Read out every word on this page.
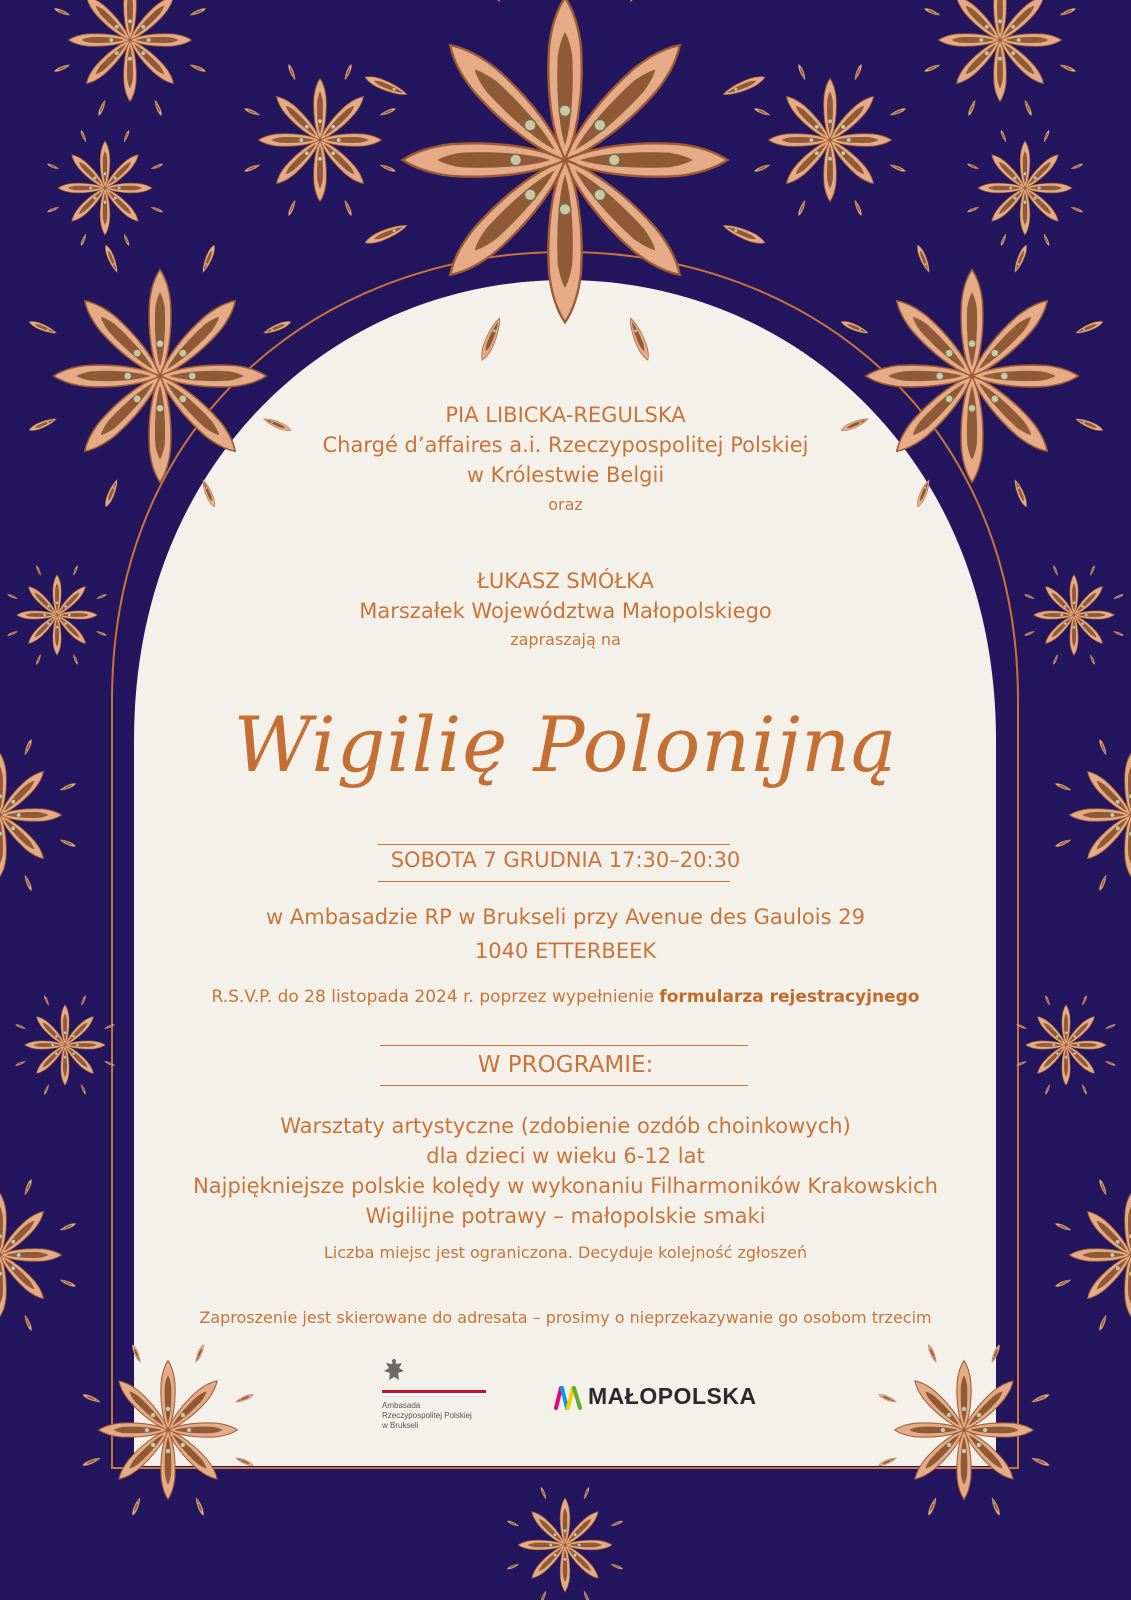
PIA LIBICKA-REGULSKA

Chargé d’affaires a.i. Rzeczypospolitej Polskiej

w Królestwie Belgii

oraz

ŁUKASZ SMÓŁKA

Marszałek Województwa Małopolskiego

zapraszają na

Wigilię Polonijną

SOBOTA 7 GRUDNIA 17:30–20:30

w Ambasadzie RP w Brukseli przy Avenue des Gaulois 29

1040 ETTERBEEK

R.S.V.P. do 28 listopada 2024 r. poprzez wypełnienie formularza rejestracyjnego

W PROGRAMIE:

Warsztaty artystyczne (zdobienie ozdób choinkowych)

dla dzieci w wieku 6-12 lat

Najpiękniejsze polskie kolędy w wykonaniu Filharmoników Krakowskich

Wigilijne potrawy – małopolskie smaki

Liczba miejsc jest ograniczona. Decyduje kolejność zgłoszeń

Zaproszenie jest skierowane do adresata – prosimy o nieprzekazywanie go osobom trzecim

Ambasada
Rzeczypospolitej Polskiej
w Brukseli
MAŁOPOLSKA
